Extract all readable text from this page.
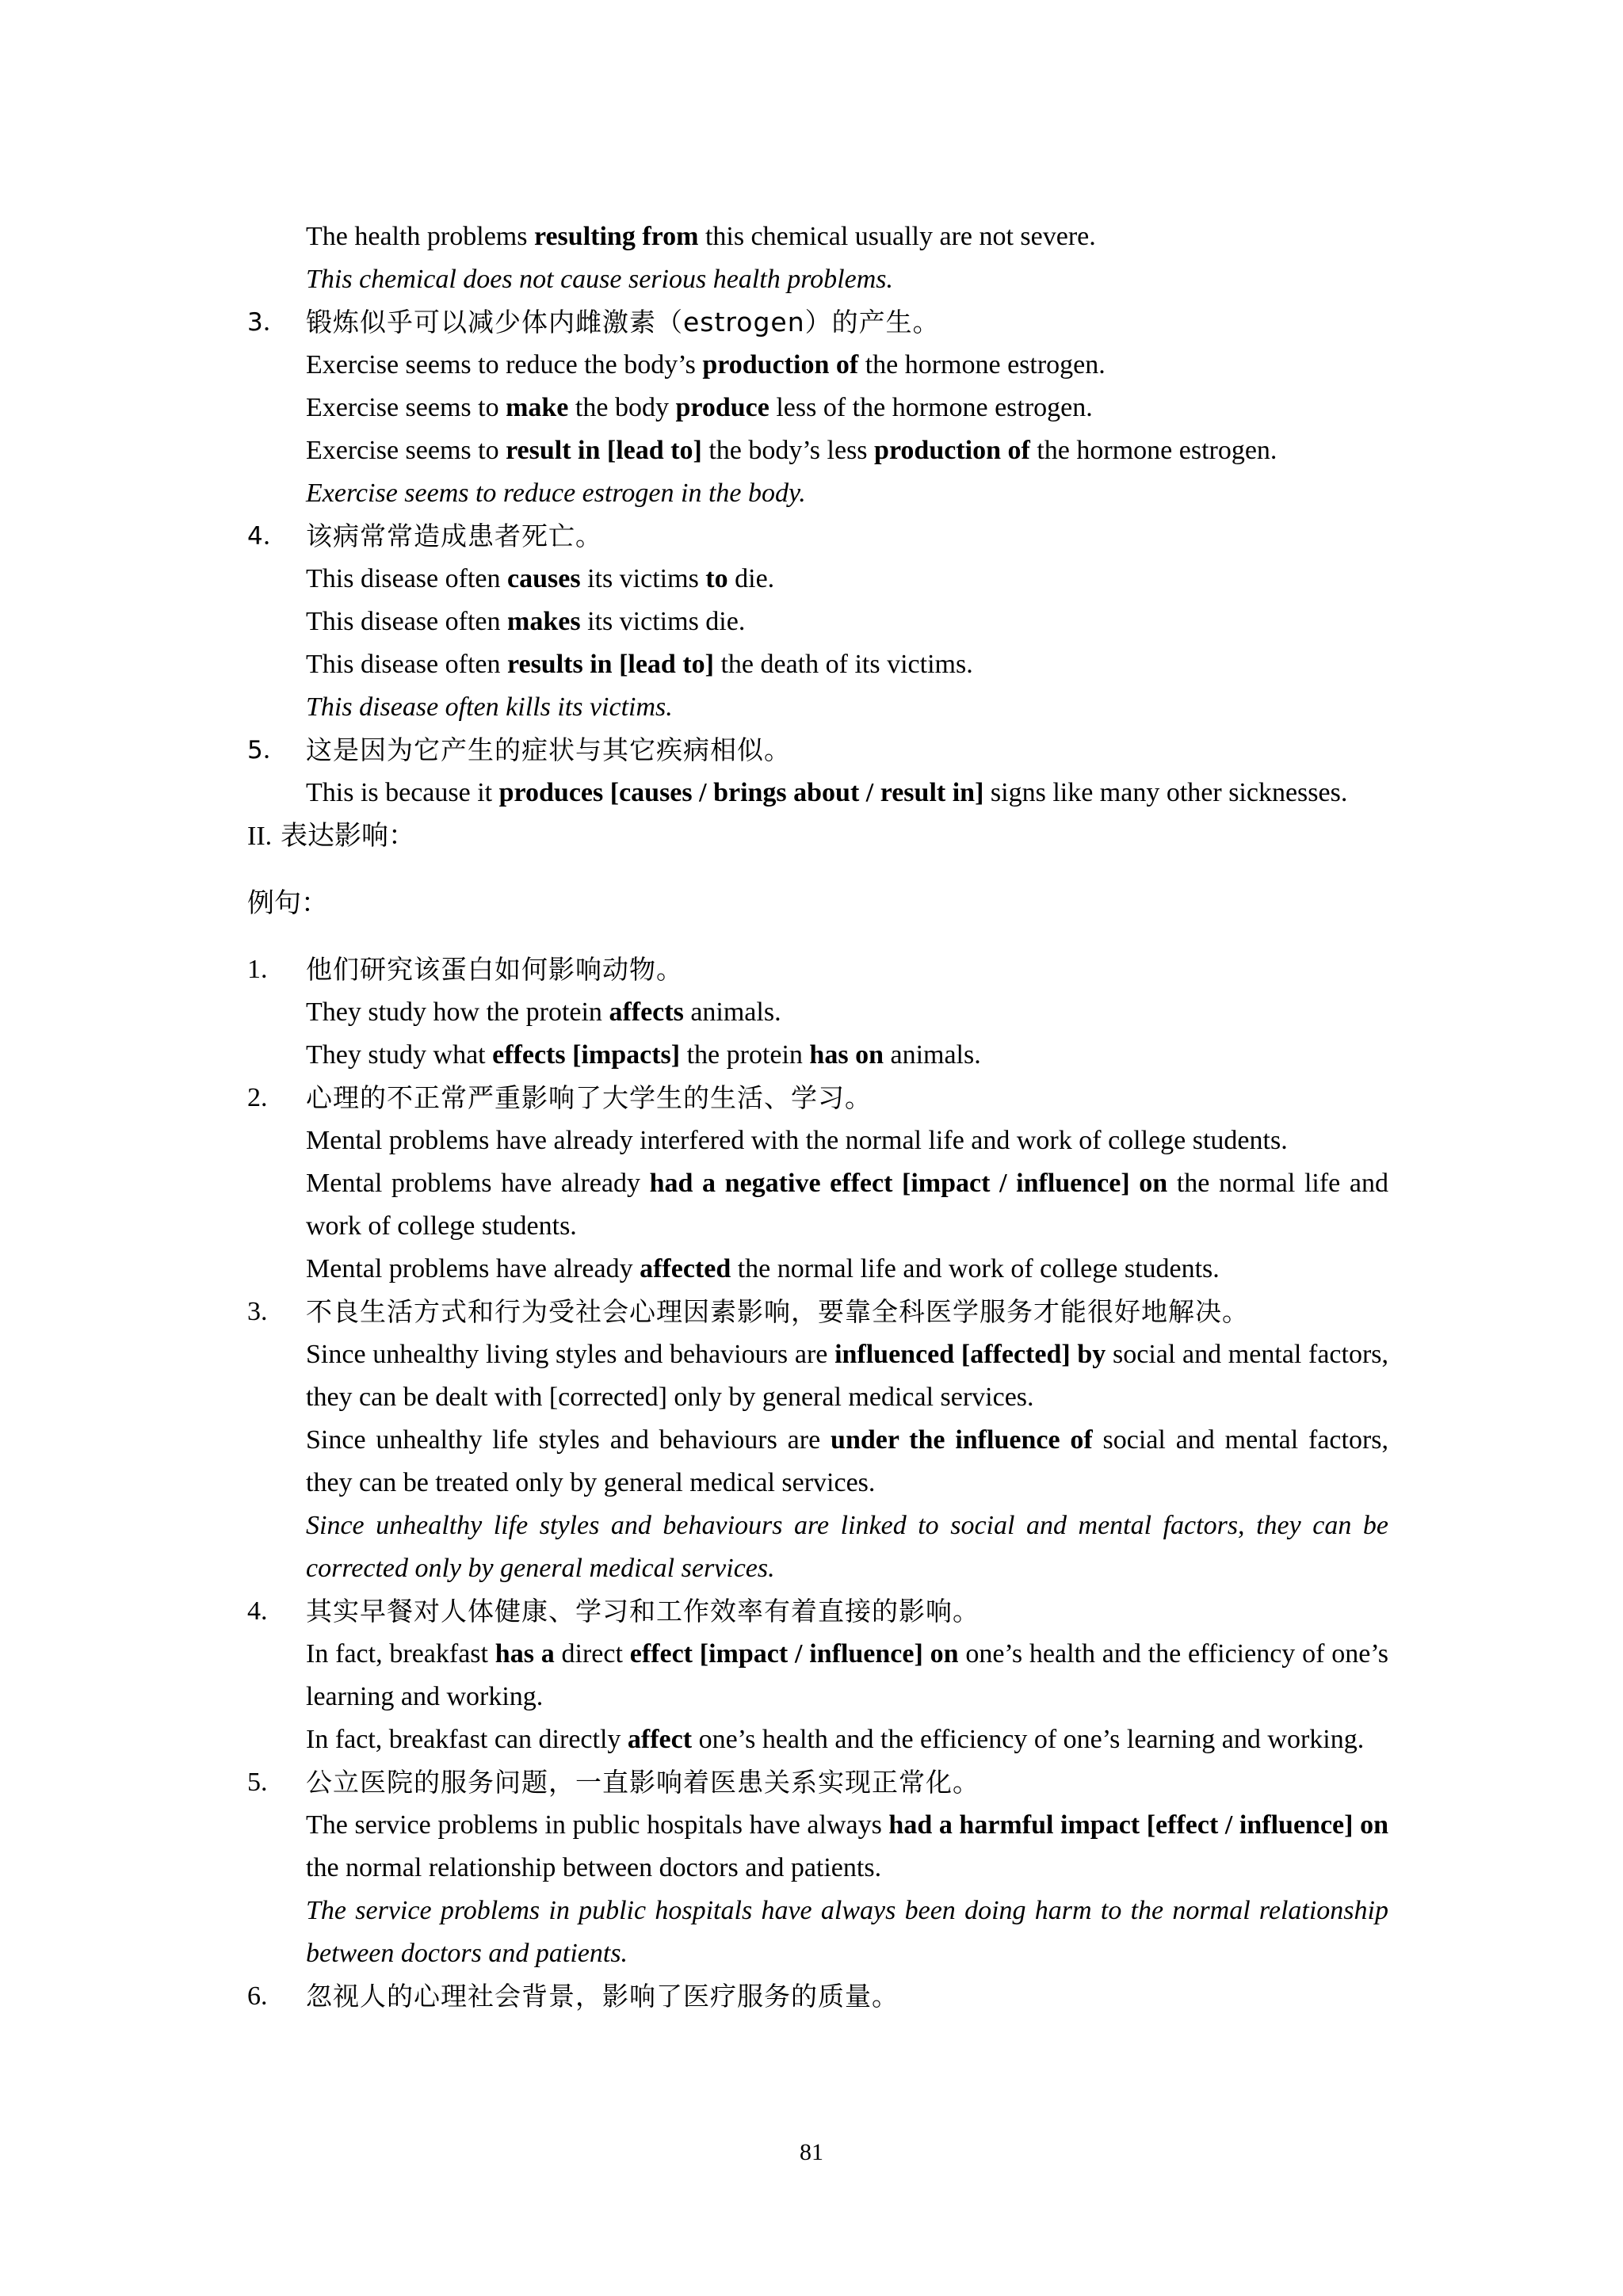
The health problems resulting from this chemical usually are not severe.
This chemical does not cause serious health problems.
3． 锻炼似乎可以减少体内雌激素（estrogen）的产生。
Exercise seems to reduce the body’s production of the hormone estrogen.
Exercise seems to make the body produce less of the hormone estrogen.
Exercise seems to result in [lead to] the body’s less production of the hormone estrogen.
Exercise seems to reduce estrogen in the body.
4． 该病常常造成患者死亡。
This disease often causes its victims to die.
This disease often makes its victims die.
This disease often results in [lead to] the death of its victims.
This disease often kills its victims.
5． 这是因为它产生的症状与其它疾病相似。
This is because it produces [causes / brings about / result in] signs like many other sicknesses.
II. 表达影响：
例句：
1.	他们研究该蛋白如何影响动物。
They study how the protein affects animals.
They study what effects [impacts] the protein has on animals.
2.	心理的不正常严重影响了大学生的生活、学习。
Mental problems have already interfered with the normal life and work of college students.
Mental problems have already had a negative effect [impact / influence] on the normal life and work of college students.
Mental problems have already affected the normal life and work of college students.
3.	不良生活方式和行为受社会心理因素影响，要靠全科医学服务才能很好地解决。
Since unhealthy living styles and behaviours are influenced [affected] by social and mental factors, they can be dealt with [corrected] only by general medical services.
Since unhealthy life styles and behaviours are under the influence of social and mental factors, they can be treated only by general medical services.
Since unhealthy life styles and behaviours are linked to social and mental factors, they can be corrected only by general medical services.
4.	其实早餐对人体健康、学习和工作效率有着直接的影响。
In fact, breakfast has a direct effect [impact / influence] on one’s health and the efficiency of one’s learning and working.
In fact, breakfast can directly affect one’s health and the efficiency of one’s learning and working.
5.	公立医院的服务问题，一直影响着医患关系实现正常化。
The service problems in public hospitals have always had a harmful impact [effect / influence] on the normal relationship between doctors and patients.
The service problems in public hospitals have always been doing harm to the normal relationship between doctors and patients.
6.	忽视人的心理社会背景，影响了医疗服务的质量。
81
